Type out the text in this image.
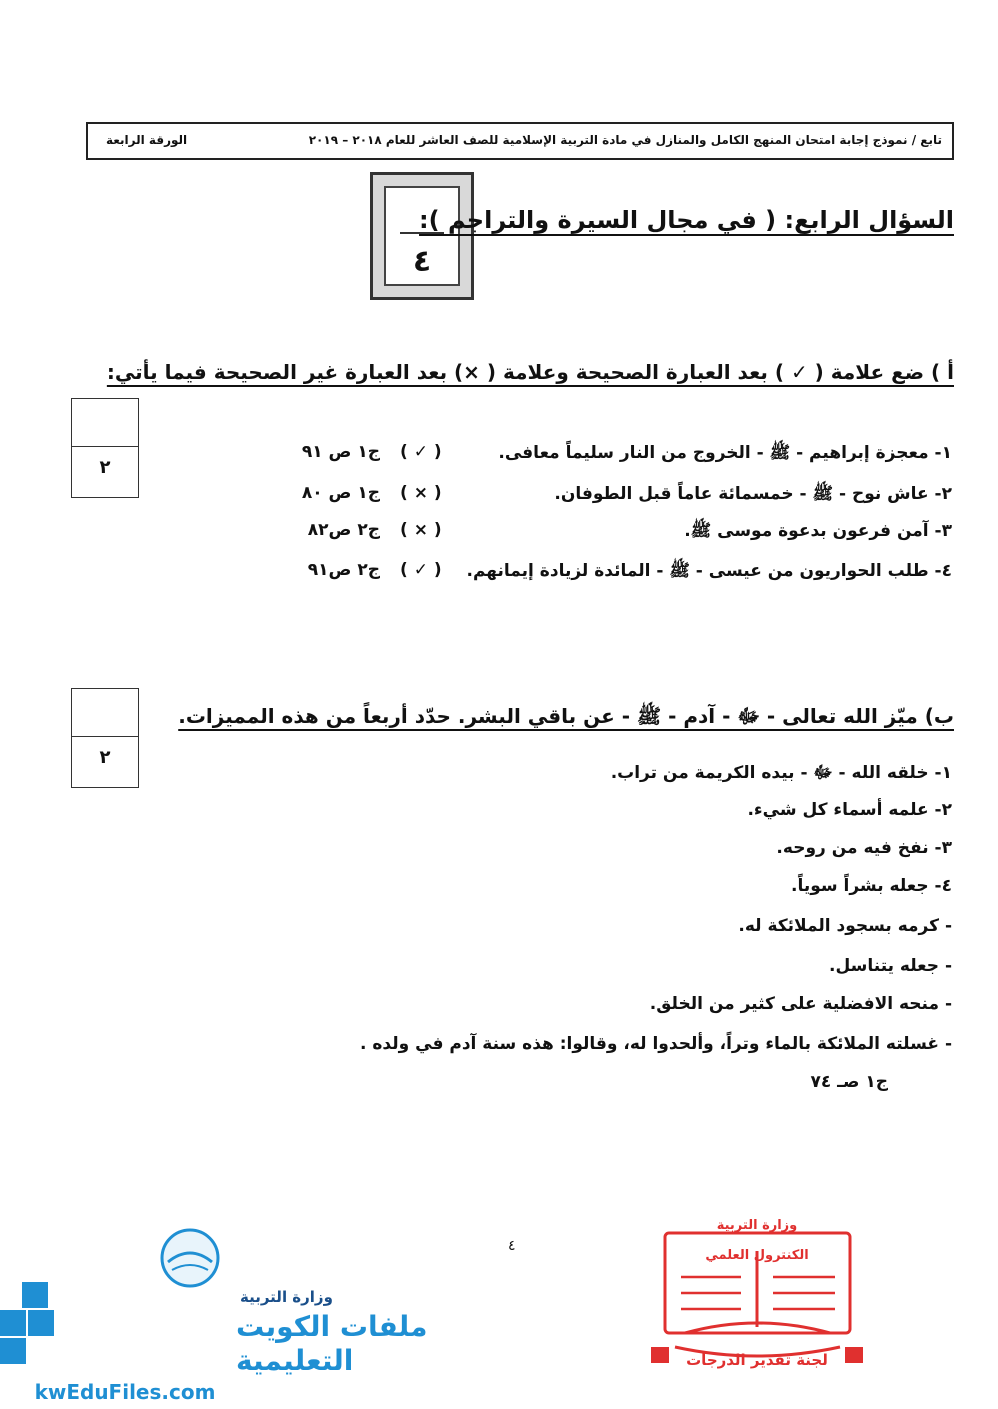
تابع / نموذج إجابة امتحان المنهج الكامل والمنازل في مادة التربية الإسلامية للصف العاشر للعام ٢٠١٨ – ٢٠١٩
الورقة الرابعة
٤
السؤال الرابع: ( في مجال السيرة والتراجم ):
أ ) ضع علامة ( ✓ ) بعد العبارة الصحيحة وعلامة ( ×) بعد العبارة غير الصحيحة فيما يأتي:
٢
١- معجزة إبراهيم - ﷺ - الخروج من النار سليماً معافى.
( ✓ )
ج١ ص ٩١
٢- عاش نوح - ﷺ - خمسمائة عاماً قبل الطوفان.
( × )
ج١ ص ٨٠
٣- آمن فرعون بدعوة موسى ﷺ.
( × )
ج٢ ص٨٢
٤- طلب الحواريون من عيسى - ﷺ - المائدة لزيادة إيمانهم.
( ✓ )
ج٢ ص٩١
٢
ب) ميّز الله تعالى - ﷻ - آدم - ﷺ - عن باقي البشر. حدّد أربعاً من هذه المميزات.
١- خلقه الله - ﷻ - بيده الكريمة من تراب.
٢- علمه أسماء كل شيء.
٣- نفخ فيه من روحه.
٤- جعله بشراً سوياً.
- كرمه بسجود الملائكة له.
- جعله يتناسل.
- منحه الافضلية على كثير من الخلق.
- غسلته الملائكة بالماء وتراً، وألحدوا له، وقالوا: هذه سنة آدم في ولده .
ج١ صـ ٧٤
٤
وزارة التربية
الكنترول العلمي
لجنة تقدير الدرجات
وزارة التربية
ملفات الكويت
التعليمية
kwEduFiles.com
